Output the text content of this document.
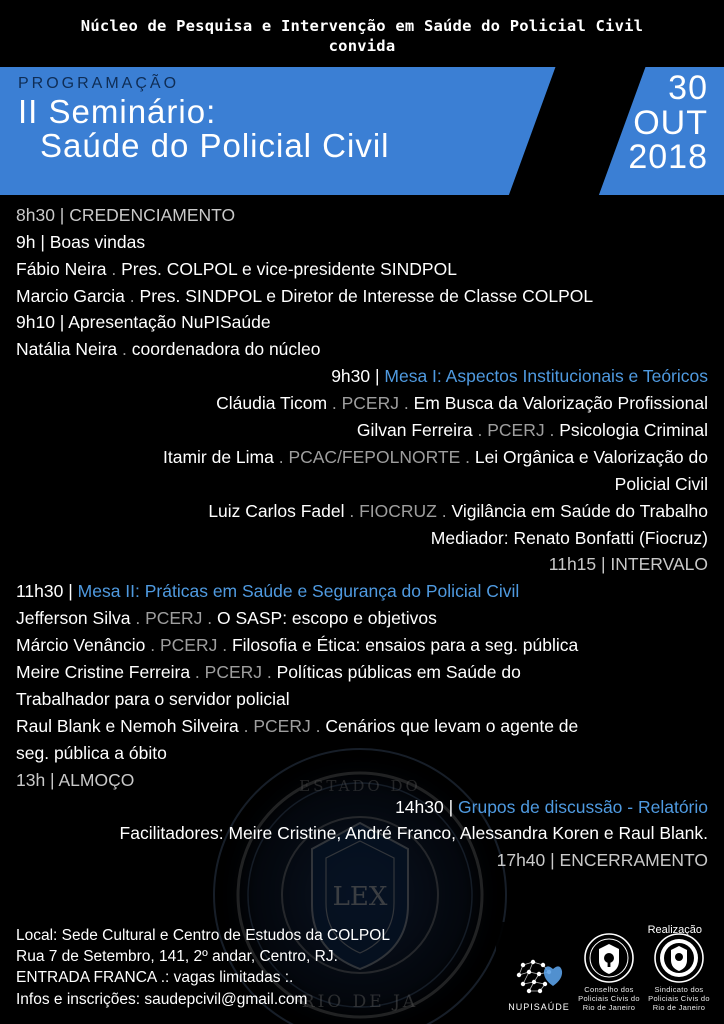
LEX
RIO DE JA
ESTADO DO
Núcleo de Pesquisa e Intervenção em Saúde do Policial Civil
convida
PROGRAMAÇÃO
II Seminário:
Saúde do Policial Civil
30
OUT
2018
8h30 | CREDENCIAMENTO
9h | Boas vindas
Fábio Neira . Pres. COLPOL e vice-presidente SINDPOL
Marcio Garcia . Pres. SINDPOL e Diretor de Interesse de Classe COLPOL
9h10 | Apresentação NuPISaúde
Natália Neira . coordenadora do núcleo
9h30 | Mesa I: Aspectos Institucionais e Teóricos
Cláudia Ticom . PCERJ . Em Busca da Valorização Profissional
Gilvan Ferreira . PCERJ . Psicologia Criminal
Itamir de Lima . PCAC/FEPOLNORTE . Lei Orgânica e Valorização do
Policial Civil
Luiz Carlos Fadel . FIOCRUZ . Vigilância em Saúde do Trabalho
Mediador: Renato Bonfatti (Fiocruz)
11h15 | INTERVALO
11h30 | Mesa II: Práticas em Saúde e Segurança do Policial Civil
Jefferson Silva . PCERJ . O SASP: escopo e objetivos
Márcio Venâncio . PCERJ . Filosofia e Ética: ensaios para a seg. pública
Meire Cristine Ferreira . PCERJ . Políticas públicas em Saúde do
Trabalhador para o servidor policial
Raul Blank e Nemoh Silveira . PCERJ . Cenários que levam o agente de
seg. pública a óbito
13h | ALMOÇO
14h30 | Grupos de discussão - Relatório
Facilitadores: Meire Cristine, André Franco, Alessandra Koren e Raul Blank.
17h40 | ENCERRAMENTO
Local: Sede Cultural e Centro de Estudos da COLPOL
Rua 7 de Setembro, 141, 2º andar, Centro, RJ.
ENTRADA FRANCA .: vagas limitadas :.
Infos e inscrições: saudepcivil@gmail.com
Realização
NUPISAÚDE
Conselho dos Policiais Civis do Rio de Janeiro
Sindicato dos Policiais Civis do Rio de Janeiro
